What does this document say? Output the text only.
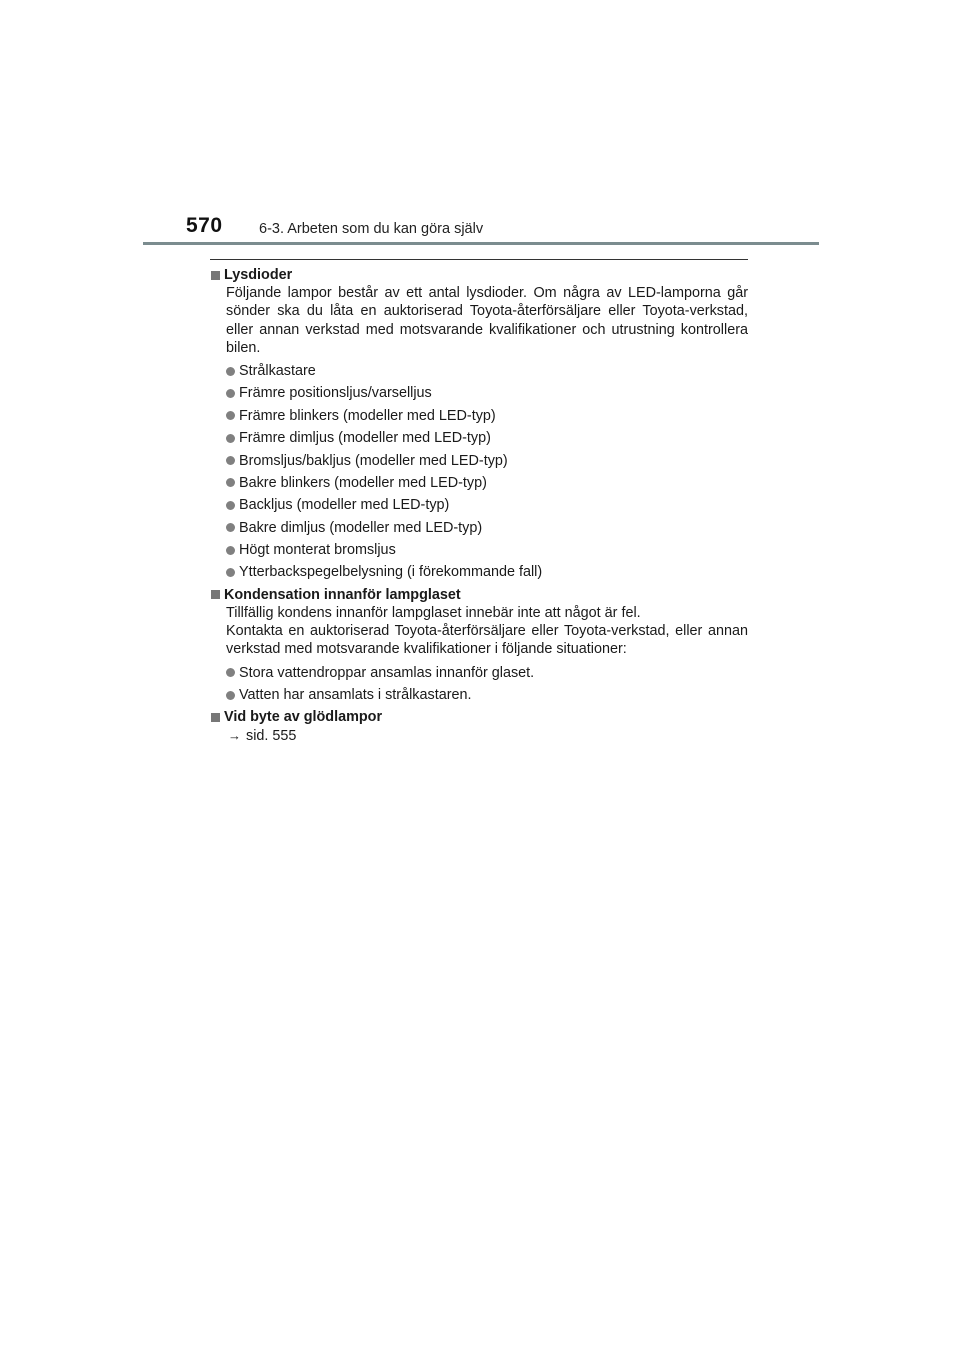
570	6-3. Arbeten som du kan göra själv
Lysdioder

Följande lampor består av ett antal lysdioder. Om några av LED-lamporna går sönder ska du låta en auktoriserad Toyota-återförsäljare eller Toyota-verkstad, eller annan verkstad med motsvarande kvalifikationer och utrustning kontrollera bilen.

Strålkastare
Främre positionsljus/varselljus
Främre blinkers (modeller med LED-typ)
Främre dimljus (modeller med LED-typ)
Bromsljus/bakljus (modeller med LED-typ)
Bakre blinkers (modeller med LED-typ)
Backljus (modeller med LED-typ)
Bakre dimljus (modeller med LED-typ)
Högt monterat bromsljus
Ytterbackspegelbelysning (i förekommande fall)
Kondensation innanför lampglaset

Tillfällig kondens innanför lampglaset innebär inte att något är fel.

Kontakta en auktoriserad Toyota-återförsäljare eller Toyota-verkstad, eller annan verkstad med motsvarande kvalifikationer i följande situationer:

Stora vattendroppar ansamlas innanför glaset.
Vatten har ansamlats i strålkastaren.
Vid byte av glödlampor
→ sid. 555
